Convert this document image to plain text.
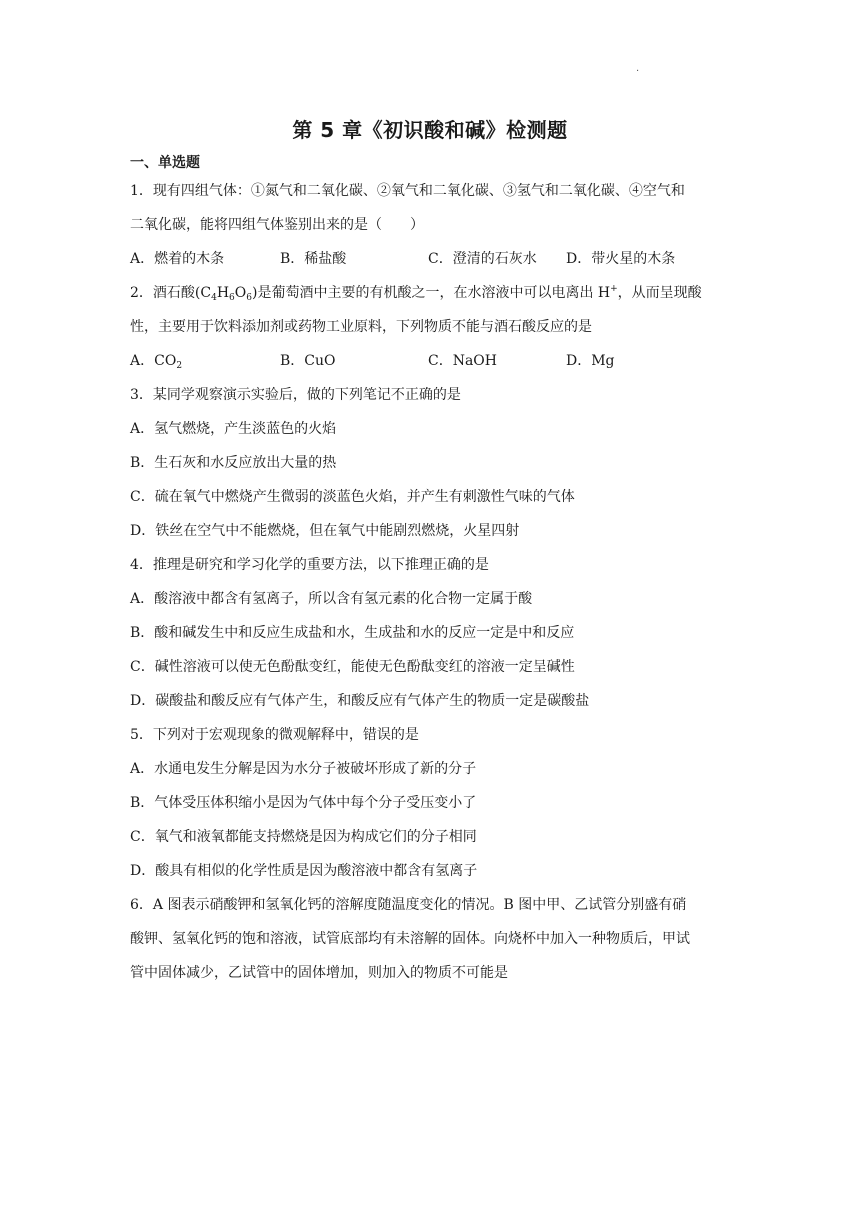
·
第 5 章《初识酸和碱》检测题
一、单选题
1．现有四组气体：①氮气和二氧化碳、②氧气和二氧化碳、③氢气和二氧化碳、④空气和
二氧化碳，能将四组气体鉴别出来的是（　　）
A．燃着的木条	B．稀盐酸	C．澄清的石灰水	D．带火星的木条
2．酒石酸$(C_4H_6O_6)$是葡萄酒中主要的有机酸之一，在水溶液中可以电离出 H+，从而呈现酸
性，主要用于饮料添加剂或药物工业原料，下列物质不能与酒石酸反应的是
A．$CO_2$	B．CuO	C．NaOH	D．Mg
3．某同学观察演示实验后，做的下列笔记不正确的是
A．氢气燃烧，产生淡蓝色的火焰
B．生石灰和水反应放出大量的热
C．硫在氧气中燃烧产生微弱的淡蓝色火焰，并产生有刺激性气味的气体
D．铁丝在空气中不能燃烧，但在氧气中能剧烈燃烧，火星四射
4．推理是研究和学习化学的重要方法，以下推理正确的是
A．酸溶液中都含有氢离子，所以含有氢元素的化合物一定属于酸
B．酸和碱发生中和反应生成盐和水，生成盐和水的反应一定是中和反应
C．碱性溶液可以使无色酚酞变红，能使无色酚酞变红的溶液一定呈碱性
D．碳酸盐和酸反应有气体产生，和酸反应有气体产生的物质一定是碳酸盐
5．下列对于宏观现象的微观解释中，错误的是
A．水通电发生分解是因为水分子被破坏形成了新的分子
B．气体受压体积缩小是因为气体中每个分子受压变小了
C．氧气和液氧都能支持燃烧是因为构成它们的分子相同
D．酸具有相似的化学性质是因为酸溶液中都含有氢离子
6．A 图表示硝酸钾和氢氧化钙的溶解度随温度变化的情况。B 图中甲、乙试管分别盛有硝
酸钾、氢氧化钙的饱和溶液，试管底部均有未溶解的固体。向烧杯中加入一种物质后，甲试
管中固体减少，乙试管中的固体增加，则加入的物质不可能是
